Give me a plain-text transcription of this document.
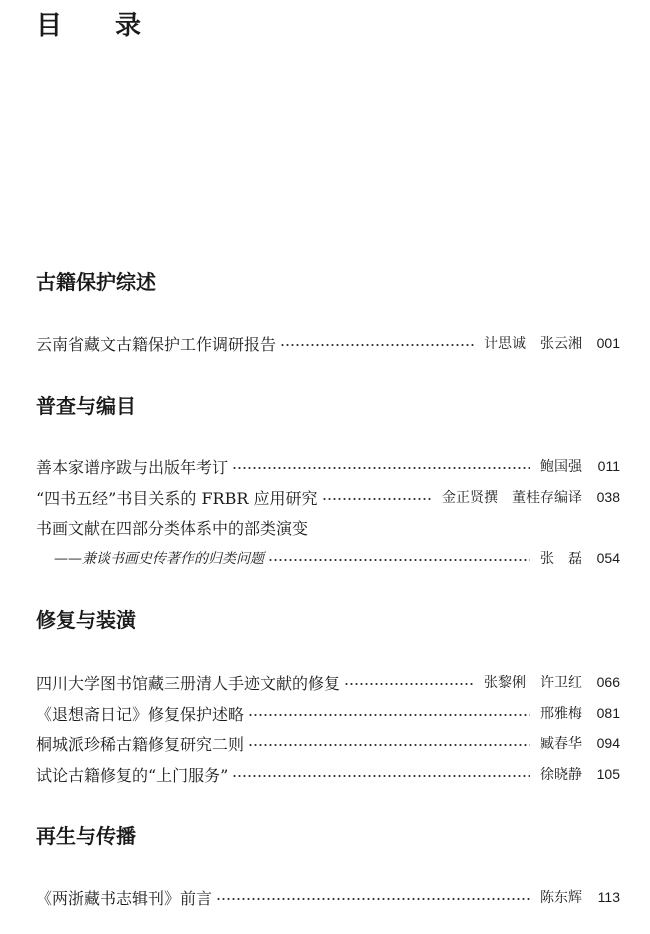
目 录
古籍保护综述
云南省藏文古籍保护工作调研报告	计思诚　张云湘	001
普查与编目
善本家谱序跋与出版年考订	鲍国强	011
“四书五经”书目关系的 FRBR 应用研究	金正贤撰　董桂存编译	038
书画文献在四部分类体系中的部类演变
——兼谈书画史传著作的归类问题	张　磊	054
修复与装潢
四川大学图书馆藏三册清人手迹文献的修复	张黎俐　许卫红	066
《退想斋日记》修复保护述略	邢雅梅	081
桐城派珍稀古籍修复研究二则	臧春华	094
试论古籍修复的“上门服务”	徐晓静	105
再生与传播
《两浙藏书志辑刊》前言	陈东辉	113
